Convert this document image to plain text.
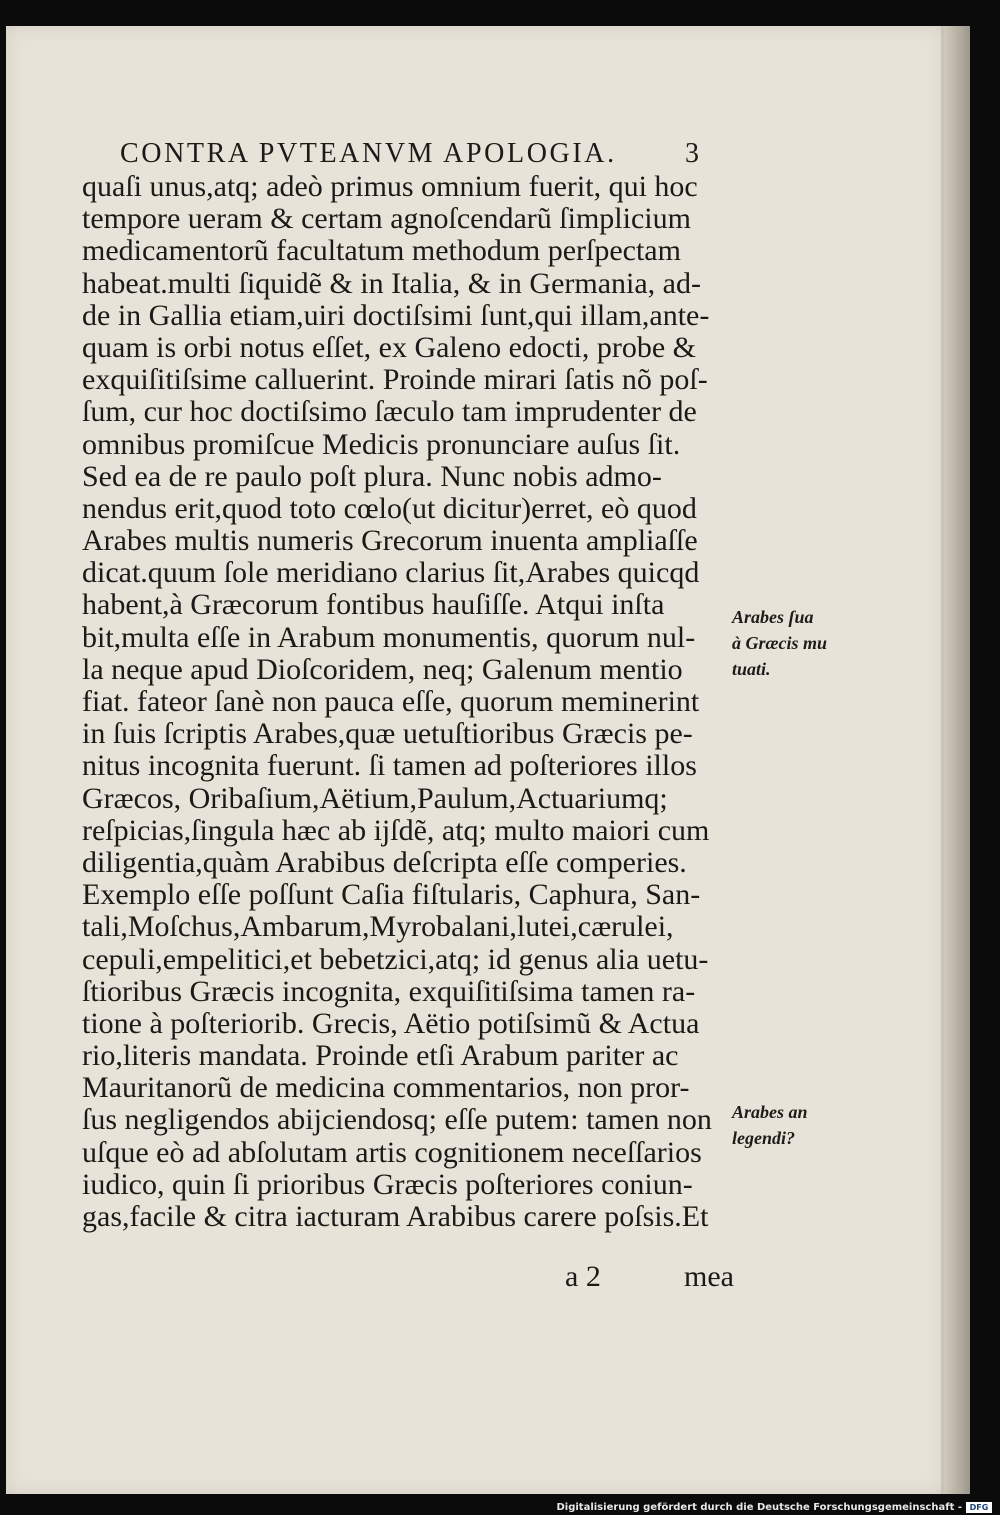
CONTRA PVTEANVM APOLOGIA. 3
quaſi unus,atq; adeò primus omnium fuerit, qui hoc
tempore ueram & certam agnoſcendarũ ſimplicium
medicamentorũ facultatum methodum perſpectam
habeat.multi ſiquidẽ & in Italia, & in Germania, ad-
de in Gallia etiam,uiri doctiſsimi ſunt,qui illam,ante-
quam is orbi notus eſſet, ex Galeno edocti, probe &
exquiſitiſsime calluerint. Proinde mirari ſatis nõ poſ-
ſum, cur hoc doctiſsimo ſæculo tam imprudenter de
omnibus promiſcue Medicis pronunciare auſus ſit.
Sed ea de re paulo poſt plura. Nunc nobis admo-
nendus erit,quod toto cœlo(ut dicitur)erret, eò quod
Arabes multis numeris Grecorum inuenta ampliaſſe
dicat.quum ſole meridiano clarius ſit,Arabes quicqd
habent,à Græcorum fontibus hauſiſſe. Atqui inſta
bit,multa eſſe in Arabum monumentis, quorum nul-
la neque apud Dioſcoridem, neq; Galenum mentio
fiat. fateor ſanè non pauca eſſe, quorum meminerint
in ſuis ſcriptis Arabes,quæ uetuſtioribus Græcis pe-
nitus incognita fuerunt. ſi tamen ad poſteriores illos
Græcos, Oribaſium,Aëtium,Paulum,Actuariumq;
reſpicias,ſingula hæc ab ijſdẽ, atq; multo maiori cum
diligentia,quàm Arabibus deſcripta eſſe comperies.
Exemplo eſſe poſſunt Caſia fiſtularis, Caphura, San-
tali,Moſchus,Ambarum,Myrobalani,lutei,cærulei,
cepuli,empelitici,et bebetzici,atq; id genus alia uetu-
ſtioribus Græcis incognita, exquiſitiſsima tamen ra-
tione à poſteriorib. Grecis, Aëtio potiſsimũ & Actua
rio,literis mandata. Proinde etſi Arabum pariter ac
Mauritanorũ de medicina commentarios, non pror-
ſus negligendos abijciendosq; eſſe putem: tamen non
uſque eò ad abſolutam artis cognitionem neceſſarios
iudico, quin ſi prioribus Græcis poſteriores coniun-
gas,facile & citra iacturam Arabibus carere poſsis.Et
Arabes ſua
à Græcis mu
tuati.
Arabes an
legendi?
a 2	mea
Digitalisierung gefördert durch die Deutsche Forschungsgemeinschaft - DFG
